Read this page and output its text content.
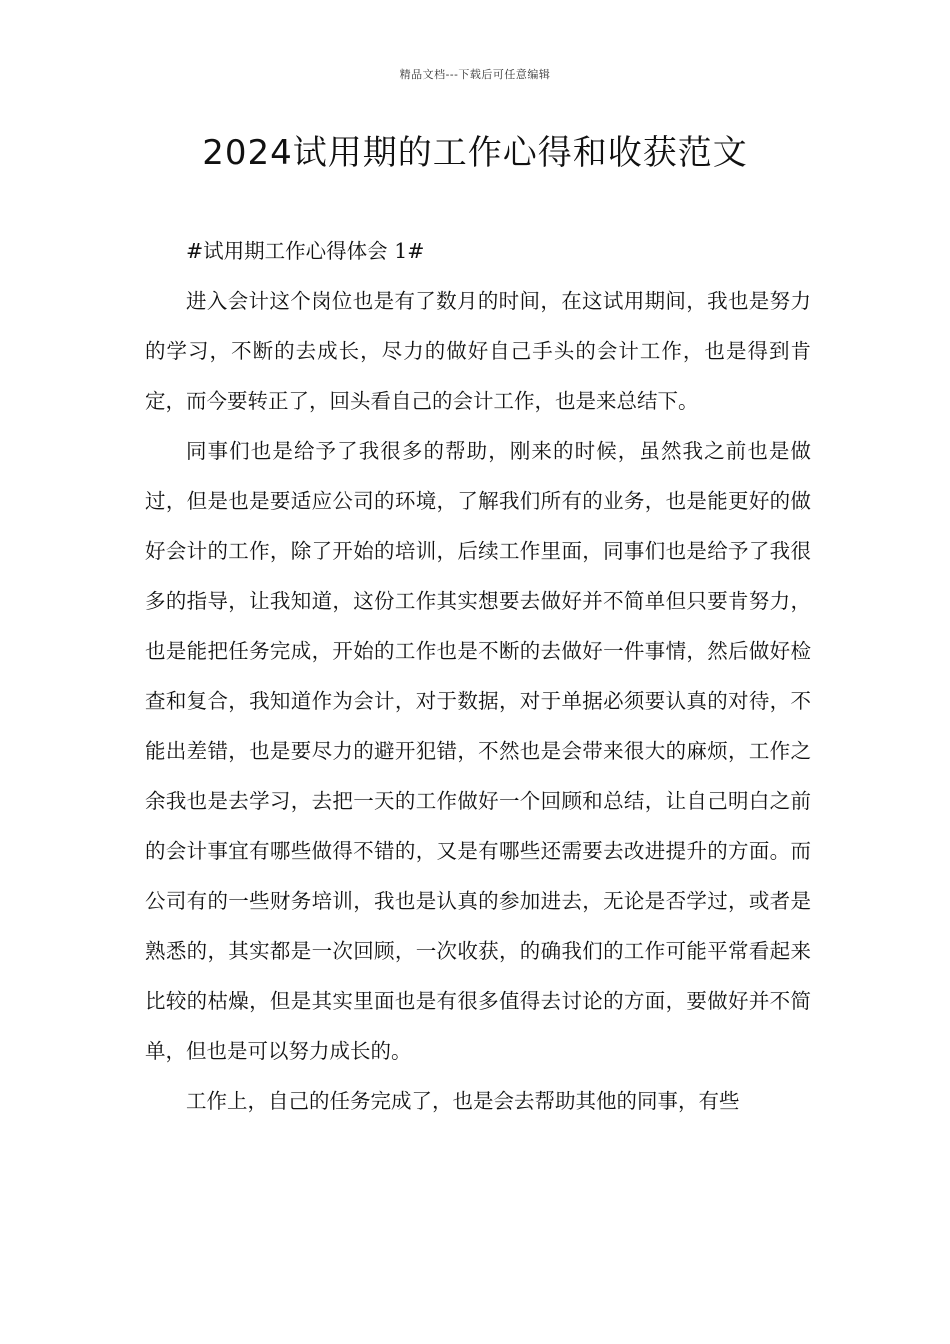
精品文档---下载后可任意编辑
2024试用期的工作心得和收获范文

#试用期工作心得体会 1#

进入会计这个岗位也是有了数月的时间，在这试用期间，我也是努力的学习，不断的去成长，尽力的做好自己手头的会计工作，也是得到肯定，而今要转正了，回头看自己的会计工作，也是来总结下。

同事们也是给予了我很多的帮助，刚来的时候，虽然我之前也是做过，但是也是要适应公司的环境，了解我们所有的业务，也是能更好的做好会计的工作，除了开始的培训，后续工作里面，同事们也是给予了我很多的指导，让我知道，这份工作其实想要去做好并不简单但只要肯努力，也是能把任务完成，开始的工作也是不断的去做好一件事情，然后做好检查和复合，我知道作为会计，对于数据，对于单据必须要认真的对待，不能出差错，也是要尽力的避开犯错，不然也是会带来很大的麻烦，工作之余我也是去学习，去把一天的工作做好一个回顾和总结，让自己明白之前的会计事宜有哪些做得不错的，又是有哪些还需要去改进提升的方面。而公司有的一些财务培训，我也是认真的参加进去，无论是否学过，或者是熟悉的，其实都是一次回顾，一次收获，的确我们的工作可能平常看起来比较的枯燥，但是其实里面也是有很多值得去讨论的方面，要做好并不简单，但也是可以努力成长的。

工作上，自己的任务完成了，也是会去帮助其他的同事，有些
